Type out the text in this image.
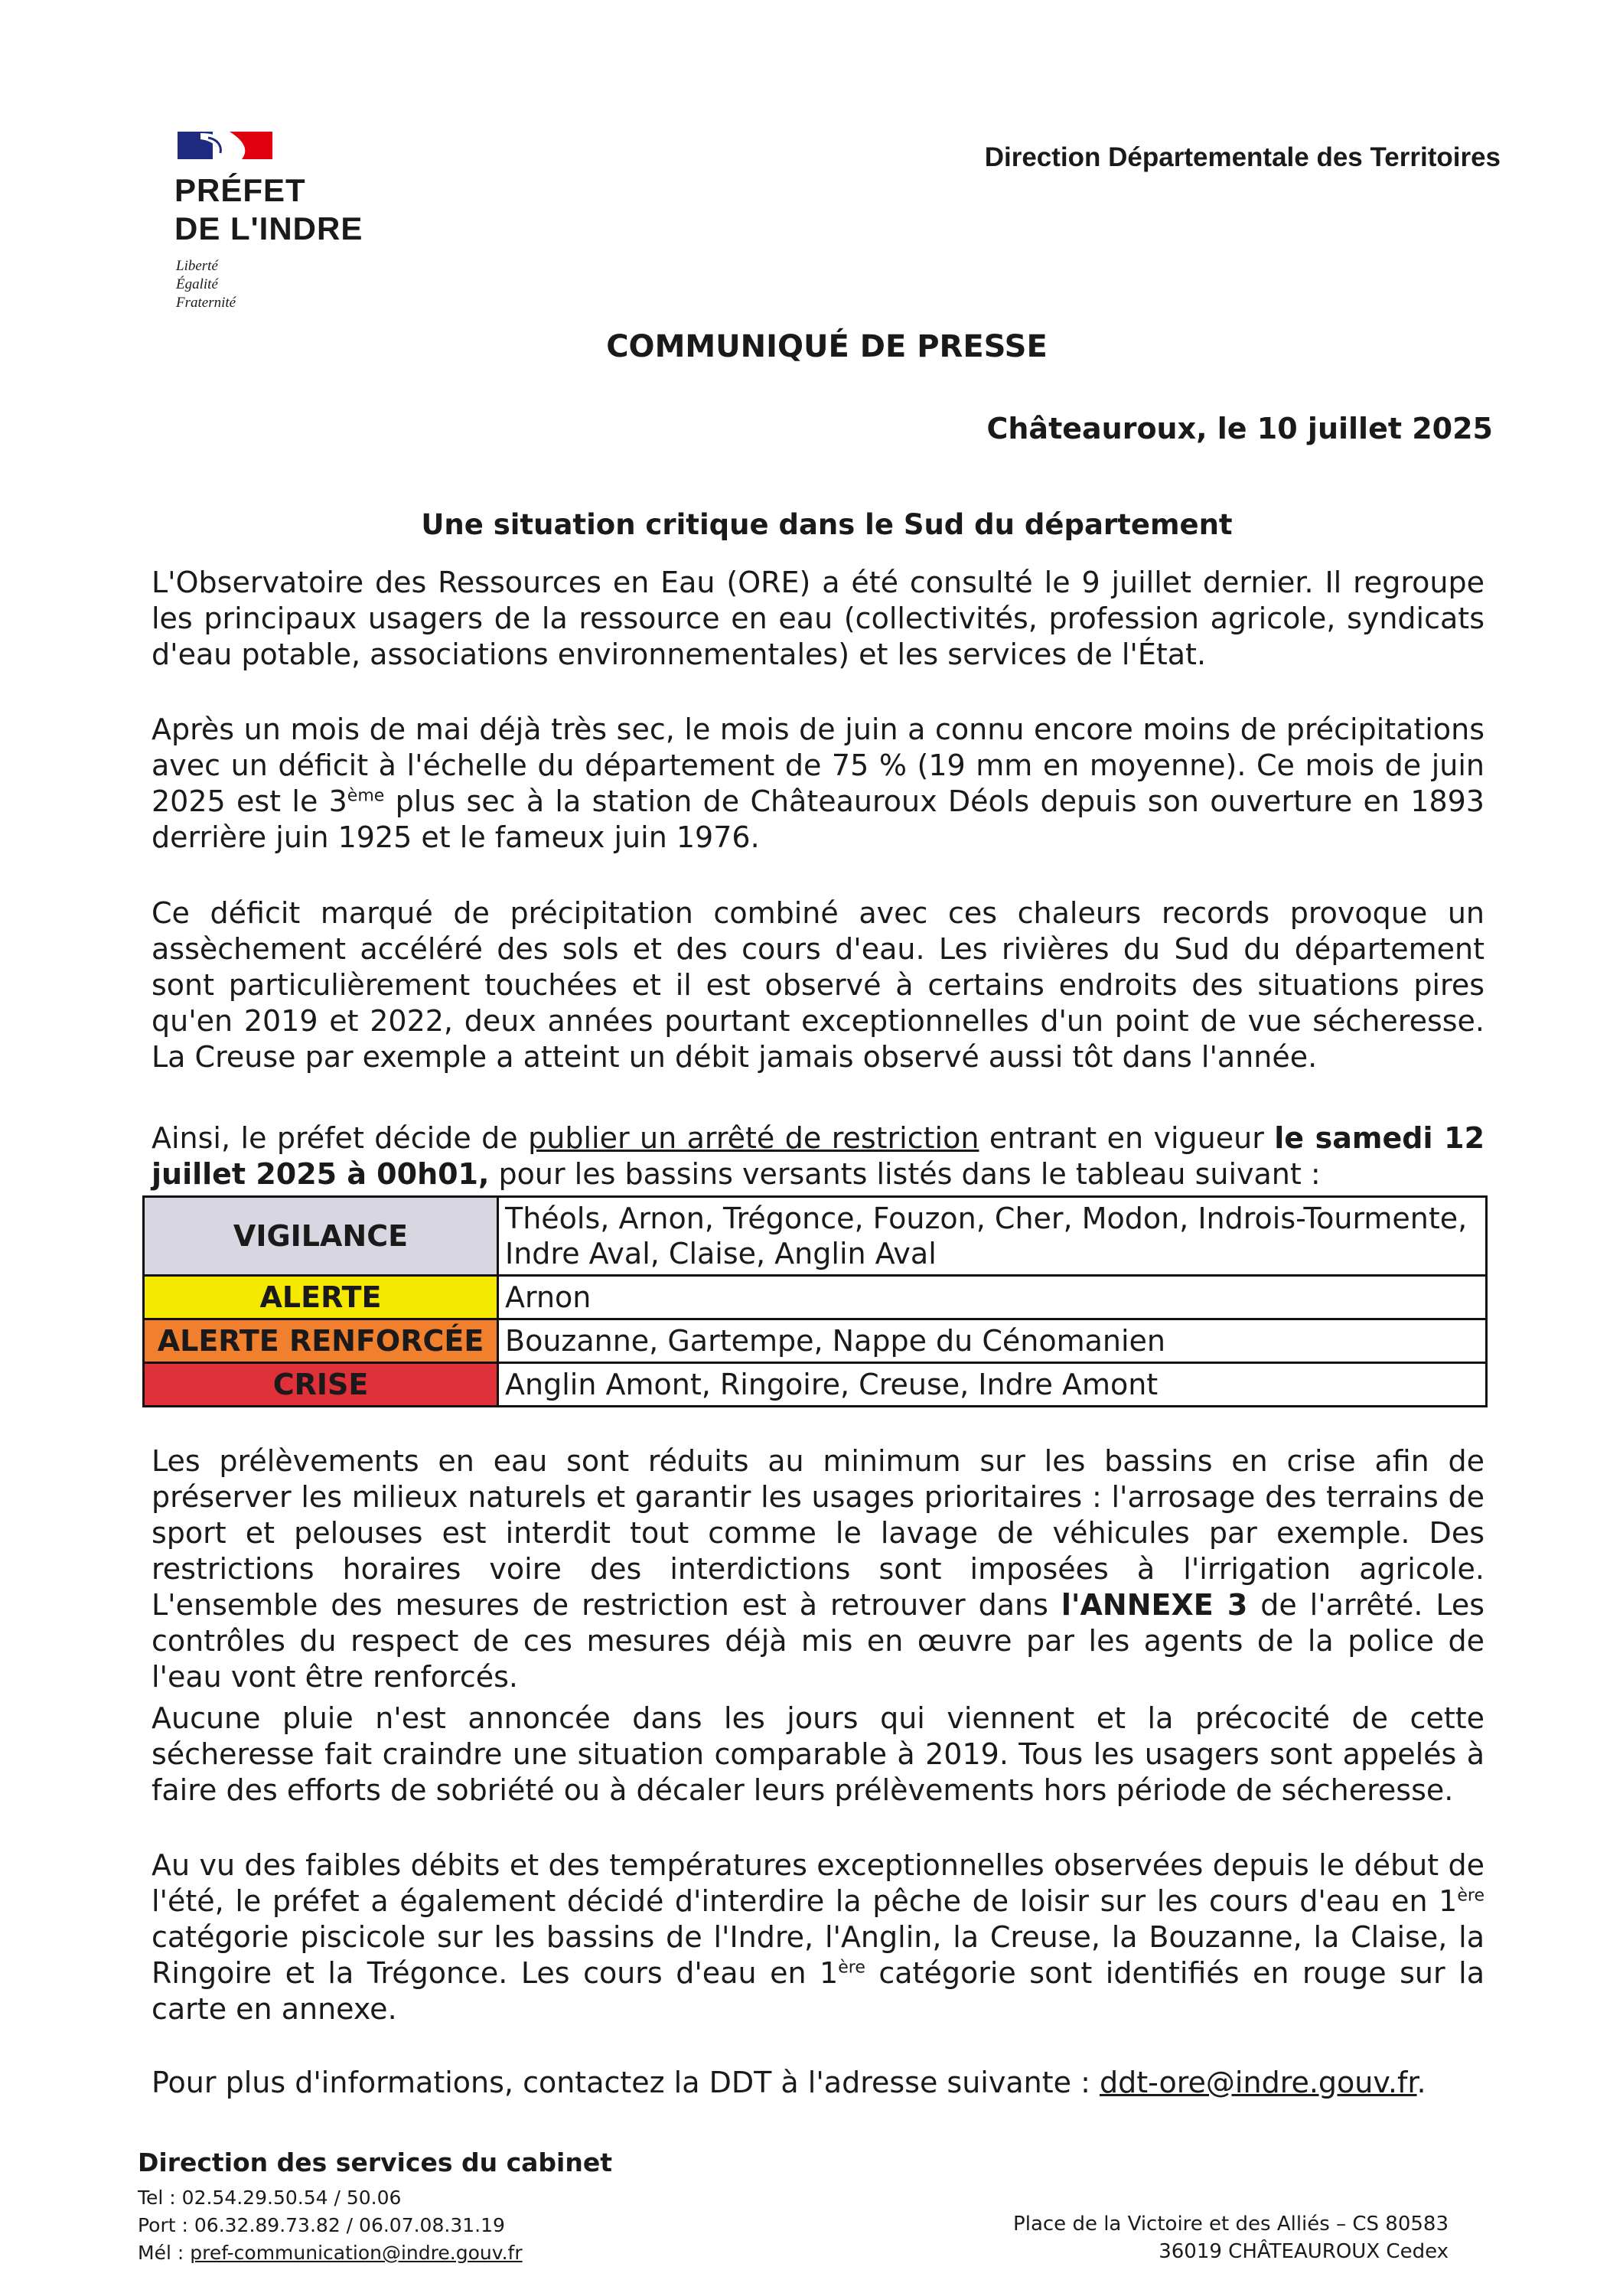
PRÉFET
DE L'INDRE
Liberté
Égalité
Fraternité
Direction Départementale des Territoires
COMMUNIQUÉ DE PRESSE
Châteauroux, le 10 juillet 2025
Une situation critique dans le Sud du département

L'Observatoire des Ressources en Eau (ORE) a été consulté le 9 juillet dernier. Il regroupe les principaux usagers de la ressource en eau (collectivités, profession agricole, syndicats d'eau potable, associations environnementales) et les services de l'État.

Après un mois de mai déjà très sec, le mois de juin a connu encore moins de précipitations avec un déficit à l'échelle du département de 75 % (19 mm en moyenne). Ce mois de juin 2025 est le 3ème plus sec à la station de Châteauroux Déols depuis son ouverture en 1893 derrière juin 1925 et le fameux juin 1976.

Ce déficit marqué de précipitation combiné avec ces chaleurs records provoque un assèchement accéléré des sols et des cours d'eau. Les rivières du Sud du département sont particulièrement touchées et il est observé à certains endroits des situations pires qu'en 2019 et 2022, deux années pourtant exceptionnelles d'un point de vue sécheresse. La Creuse par exemple a atteint un débit jamais observé aussi tôt dans l'année.

Ainsi, le préfet décide de publier un arrêté de restriction entrant en vigueur le samedi 12 juillet 2025 à 00h01, pour les bassins versants listés dans le tableau suivant :

VIGILANCE	Théols, Arnon, Trégonce, Fouzon, Cher, Modon, Indrois-Tourmente, Indre Aval, Claise, Anglin Aval
ALERTE	Arnon
ALERTE RENFORCÉE	Bouzanne, Gartempe, Nappe du Cénomanien
CRISE	Anglin Amont, Ringoire, Creuse, Indre Amont

Les prélèvements en eau sont réduits au minimum sur les bassins en crise afin de préserver les milieux naturels et garantir les usages prioritaires : l'arrosage des terrains de sport et pelouses est interdit tout comme le lavage de véhicules par exemple. Des restrictions horaires voire des interdictions sont imposées à l'irrigation agricole. L'ensemble des mesures de restriction est à retrouver dans l'ANNEXE 3 de l'arrêté. Les contrôles du respect de ces mesures déjà mis en œuvre par les agents de la police de l'eau vont être renforcés.

Aucune pluie n'est annoncée dans les jours qui viennent et la précocité de cette sécheresse fait craindre une situation comparable à 2019. Tous les usagers sont appelés à faire des efforts de sobriété ou à décaler leurs prélèvements hors période de sécheresse.

Au vu des faibles débits et des températures exceptionnelles observées depuis le début de l'été, le préfet a également décidé d'interdire la pêche de loisir sur les cours d'eau en 1ère catégorie piscicole sur les bassins de l'Indre, l'Anglin, la Creuse, la Bouzanne, la Claise, la Ringoire et la Trégonce. Les cours d'eau en 1ère catégorie sont identifiés en rouge sur la carte en annexe.

Pour plus d'informations, contactez la DDT à l'adresse suivante : ddt-ore@indre.gouv.fr.

Direction des services du cabinet
Tel : 02.54.29.50.54 / 50.06
Port : 06.32.89.73.82 / 06.07.08.31.19
Mél : pref-communication@indre.gouv.fr
Place de la Victoire et des Alliés – CS 80583
36019 CHÂTEAUROUX Cedex
